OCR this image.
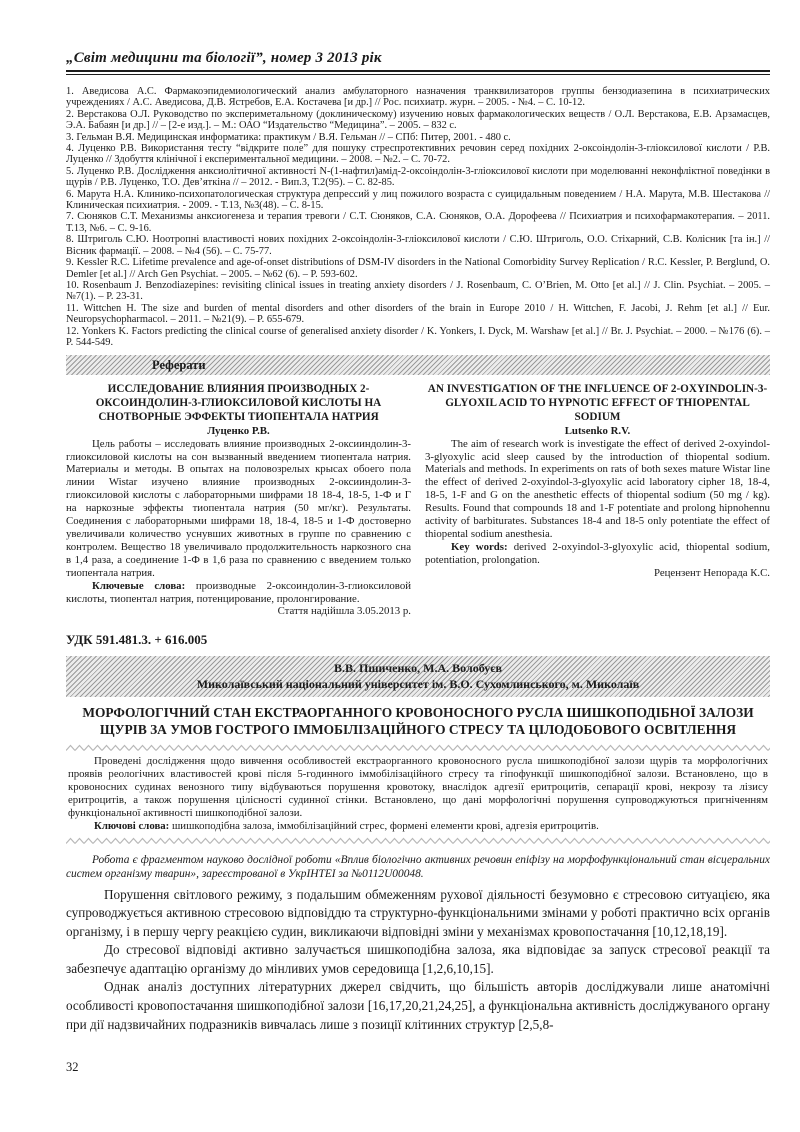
„Світ медицини та біології”, номер 3 2013 рік

1. Аведисова А.С. Фармакоэпидемиологический анализ амбулаторного назначения транквилизаторов группы бензодиазепина в психиатрических учреждениях / А.С. Аведисова, Д.В. Ястребов, Е.А. Костачева [и др.] // Рос. психиатр. журн. – 2005. - №4. – С. 10-12.

2. Верстакова О.Л. Руководство по экспериметальному (доклиническому) изучению новых фармакологических веществ / О.Л. Верстакова, Е.В. Арзамасцев, Э.А. Бабаян [и др.] // – [2-е изд.]. – М.: ОАО “Издательство “Медицина”. – 2005. – 832 с.

3. Гельман В.Я. Медицинская информатика: практикум / В.Я. Гельман // – СПб: Питер, 2001. - 480 с.

4. Луценко Р.В. Використання тесту “відкрите поле” для пошуку стреспротективних речовин серед похідних 2-оксоіндолін-3-гліоксилової кислоти / Р.В. Луценко // Здобуття клінічної і експериментальної медицини. – 2008. – №2. – С. 70-72.

5. Луценко Р.В. Дослідження анксиолітичної активності N-(1-нафтил)амід-2-оксоіндолін-3-гліоксилової кислоти при моделюванні неконфліктної поведінки в щурів / Р.В. Луценко, Т.О. Дев’яткіна // – 2012. - Вип.3, Т.2(95). – С. 82-85.

6. Марута Н.А. Клинико-психопатологическая структура депрессий у лиц пожилого возраста с суицидальным поведением / Н.А. Марута, М.В. Шестакова // Клиническая психиатрия. - 2009. - Т.13, №3(48). – С. 8-15.

7. Сюняков С.Т. Механизмы анксиогенеза и терапия тревоги / С.Т. Сюняков, С.А. Сюняков, О.А. Дорофеева // Психиатрия и психофармакотерапия. – 2011. Т.13, №6. – С. 9-16.

8. Штриголь С.Ю. Ноотропні властивості нових похідних 2-оксоіндолін-3-гліоксилової кислоти / С.Ю. Штриголь, О.О. Стіхарний, С.В. Колісник [та ін.] // Вісник фармації. – 2008. – №4 (56). – С. 75-77.

9. Kessler R.C. Lifetime prevalence and age-of-onset distributions of DSM-IV disorders in the National Comorbidity Survey Replication / R.C. Kessler, P. Berglund, O. Demler [et al.] // Arch Gen Psychiat. – 2005. – №62 (6). – P. 593-602.

10. Rosenbaum J. Benzodiazepines: revisiting clinical issues in treating anxiety disorders / J. Rosenbaum, C. O’Brien, M. Otto [et al.] // J. Clin. Psychiat. – 2005. – №7(1). – P. 23-31.

11. Wittchen H. The size and burden of mental disorders and other disorders of the brain in Europe 2010 / H. Wittchen, F. Jacobi, J. Rehm [et al.] // Eur. Neuropsychopharmacol. – 2011. – №21(9). – P. 655-679.

12. Yonkers K. Factors predicting the clinical course of generalised anxiety disorder / K. Yonkers, I. Dyck, M. Warshaw [et al.] // Br. J. Psychiat. – 2000. – №176 (6). – P. 544-549.

Реферати

ИССЛЕДОВАНИЕ ВЛИЯНИЯ ПРОИЗВОДНЫХ 2-ОКСОИНДОЛИН-3-ГЛИОКСИЛОВОЙ КИСЛОТЫ НА СНОТВОРНЫЕ ЭФФЕКТЫ ТИОПЕНТАЛА НАТРИЯ

Луценко Р.В.

Цель работы – исследовать влияние производных 2-оксииндолин-3-глиоксиловой кислоты на сон вызванный введением тиопентала натрия. Материалы и методы. В опытах на половозрелых крысах обоего пола линии Wistar изучено влияние производных 2-оксииндолин-3-глиоксиловой кислоты с лабораторными шифрами 18 18-4, 18-5, 1-Ф и Г на наркозные эффекты тиопентала натрия (50 мг/кг). Результаты. Соединения с лабораторными шифрами 18, 18-4, 18-5 и 1-Ф достоверно увеличивали количество уснувших животных в группе по сравнению с контролем. Вещество 18 увеличивало продолжительность наркозного сна в 1,4 раза, а соединение 1-Ф в 1,6 раза по сравнению с введением только тиопентала натрия.

Ключевые слова: производные 2-оксоиндолин-3-глиоксиловой кислоты, тиопентал натрия, потенцирование, пролонгирование.

Стаття надійшла 3.05.2013 р.

AN INVESTIGATION OF THE INFLUENCE OF 2-OXYINDOLIN-3-GLYOXIL ACID TO HYPNOTIC EFFECT OF THIOPENTAL SODIUM

Lutsenko R.V.

The aim of research work is investigate the effect of derived 2-oxyindol-3-glyoxylic acid sleep caused by the introduction of thiopental sodium. Materials and methods. In experiments on rats of both sexes mature Wistar line the effect of derived 2-oxyindol-3-glyoxylic acid laboratory cipher 18, 18-4, 18-5, 1-F and G on the anesthetic effects of thiopental sodium (50 mg / kg). Results. Found that compounds 18 and 1-F potentiate and prolong hipnohennu activity of barbiturates. Substances 18-4 and 18-5 only potentiate the effect of thiopental sodium anesthesia.

Key words: derived 2-oxyindol-3-glyoxylic acid, thiopental sodium, potentiation, prolongation.

Рецензент Непорада К.С.

УДК 591.481.3. + 616.005
В.В. Пшиченко, М.А. Волобуєв
Миколаївський національний університет ім. В.О. Сухомлинського, м. Миколаїв
МОРФОЛОГІЧНИЙ СТАН ЕКСТРАОРГАННОГО КРОВОНОСНОГО РУСЛА ШИШКОПОДІБНОЇ ЗАЛОЗИ ЩУРІВ ЗА УМОВ ГОСТРОГО ІММОБІЛІЗАЦІЙНОГО СТРЕСУ ТА ЦІЛОДОБОВОГО ОСВІТЛЕННЯ

Проведені дослідження щодо вивчення особливостей екстраорганного кровоносного русла шишкоподібної залози щурів та морфологічних проявів реологічних властивостей крові після 5-годинного іммобілізаційного стресу та гіпофункції шишкоподібної залози. Встановлено, що в кровоносних судинах венозного типу відбуваються порушення кровотоку, внаслідок адгезії еритроцитів, сепарації крові, некрозу та лізису еритроцитів, а також порушення цілісності судинної стінки. Встановлено, що дані морфологічні порушення супроводжуються пригніченням функціональної активності шишкоподібної залози.

Ключові слова: шишкоподібна залоза, іммобілізаційний стрес, формені елементи крові, адгезія еритроцитів.

Робота є фрагментом науково дослідної роботи «Вплив біологічно активних речовин епіфізу на морфофункціональний стан вісцеральних систем організму тварин», зареєстрованої в УкрІНТЕІ за №0112U00048.

Порушення світлового режиму, з подальшим обмеженням рухової діяльності безумовно є стресовою ситуацією, яка супроводжується активною стресовою відповіддю та структурно-функціональними змінами у роботі практично всіх органів організму, і в першу чергу реакцією судин, викликаючи відповідні зміни у механізмах кровопостачання [10,12,18,19].

До стресової відповіді активно залучається шишкоподібна залоза, яка відповідає за запуск стресової реакції та забезпечує адаптацію організму до мінливих умов середовища [1,2,6,10,15].

Однак аналіз доступних літературних джерел свідчить, що більшість авторів досліджували лише анатомічні особливості кровопостачання шишкоподібної залози [16,17,20,21,24,25], а функціональна активність досліджуваного органу при дії надзвичайних подразників вивчалась лише з позиції клітинних структур [2,5,8-

32
